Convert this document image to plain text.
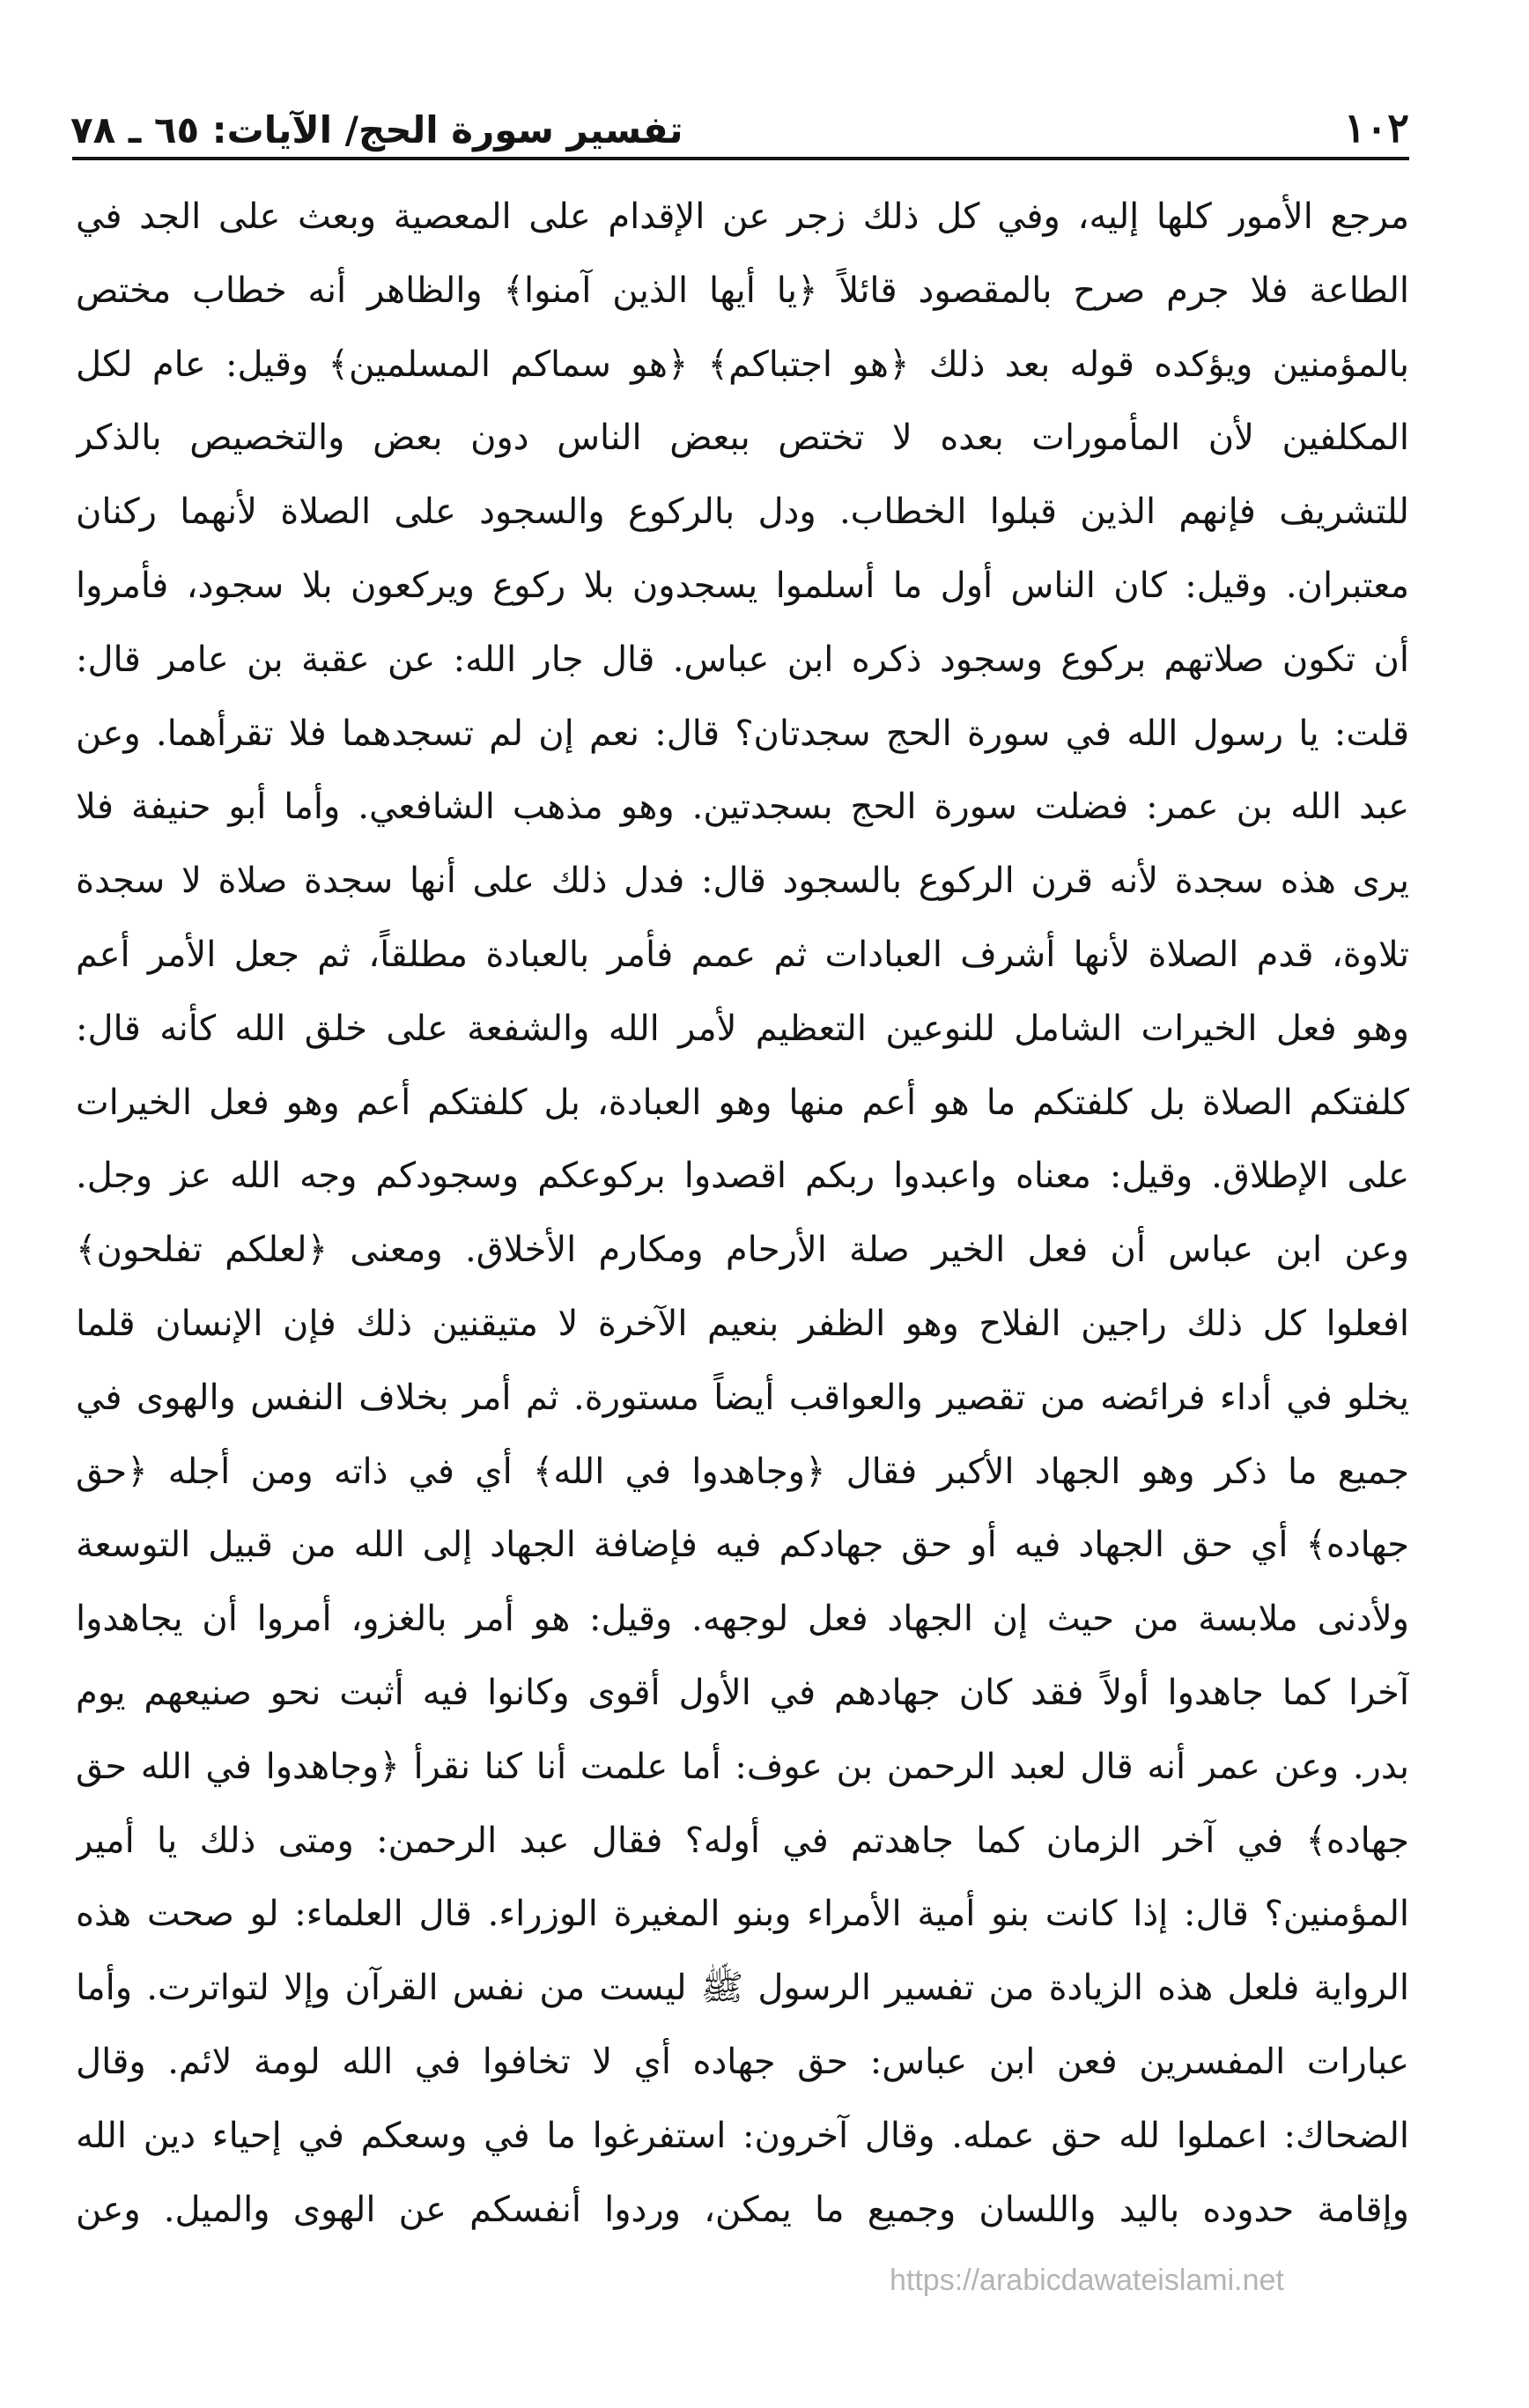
١٠٢
تفسير سورة الحج/ الآيات: ٦٥ ـ ٧٨
مرجع الأمور كلها إليه، وفي كل ذلك زجر عن الإقدام على المعصية وبعث على الجد في
الطاعة فلا جرم صرح بالمقصود قائلاً ﴿يا أيها الذين آمنوا﴾ والظاهر أنه خطاب مختص
بالمؤمنين ويؤكده قوله بعد ذلك ﴿هو اجتباكم﴾ ﴿هو سماكم المسلمين﴾ وقيل: عام لكل
المكلفين لأن المأمورات بعده لا تختص ببعض الناس دون بعض والتخصيص بالذكر
للتشريف فإنهم الذين قبلوا الخطاب. ودل بالركوع والسجود على الصلاة لأنهما ركنان
معتبران. وقيل: كان الناس أول ما أسلموا يسجدون بلا ركوع ويركعون بلا سجود، فأمروا
أن تكون صلاتهم بركوع وسجود ذكره ابن عباس. قال جار الله: عن عقبة بن عامر قال:
قلت: يا رسول الله في سورة الحج سجدتان؟ قال: نعم إن لم تسجدهما فلا تقرأهما. وعن
عبد الله بن عمر: فضلت سورة الحج بسجدتين. وهو مذهب الشافعي. وأما أبو حنيفة فلا
يرى هذه سجدة لأنه قرن الركوع بالسجود قال: فدل ذلك على أنها سجدة صلاة لا سجدة
تلاوة، قدم الصلاة لأنها أشرف العبادات ثم عمم فأمر بالعبادة مطلقاً، ثم جعل الأمر أعم
وهو فعل الخيرات الشامل للنوعين التعظيم لأمر الله والشفعة على خلق الله كأنه قال:
كلفتكم الصلاة بل كلفتكم ما هو أعم منها وهو العبادة، بل كلفتكم أعم وهو فعل الخيرات
على الإطلاق. وقيل: معناه واعبدوا ربكم اقصدوا بركوعكم وسجودكم وجه الله عز وجل.
وعن ابن عباس أن فعل الخير صلة الأرحام ومكارم الأخلاق. ومعنى ﴿لعلكم تفلحون﴾
افعلوا كل ذلك راجين الفلاح وهو الظفر بنعيم الآخرة لا متيقنين ذلك فإن الإنسان قلما
يخلو في أداء فرائضه من تقصير والعواقب أيضاً مستورة. ثم أمر بخلاف النفس والهوى في
جميع ما ذكر وهو الجهاد الأكبر فقال ﴿وجاهدوا في الله﴾ أي في ذاته ومن أجله ﴿حق
جهاده﴾ أي حق الجهاد فيه أو حق جهادكم فيه فإضافة الجهاد إلى الله من قبيل التوسعة
ولأدنى ملابسة من حيث إن الجهاد فعل لوجهه. وقيل: هو أمر بالغزو، أمروا أن يجاهدوا
آخرا كما جاهدوا أولاً فقد كان جهادهم في الأول أقوى وكانوا فيه أثبت نحو صنيعهم يوم
بدر. وعن عمر أنه قال لعبد الرحمن بن عوف: أما علمت أنا كنا نقرأ ﴿وجاهدوا في الله حق
جهاده﴾ في آخر الزمان كما جاهدتم في أوله؟ فقال عبد الرحمن: ومتى ذلك يا أمير
المؤمنين؟ قال: إذا كانت بنو أمية الأمراء وبنو المغيرة الوزراء. قال العلماء: لو صحت هذه
الرواية فلعل هذه الزيادة من تفسير الرسول ﷺ ليست من نفس القرآن وإلا لتواترت. وأما
عبارات المفسرين فعن ابن عباس: حق جهاده أي لا تخافوا في الله لومة لائم. وقال
الضحاك: اعملوا لله حق عمله. وقال آخرون: استفرغوا ما في وسعكم في إحياء دين الله
وإقامة حدوده باليد واللسان وجميع ما يمكن، وردوا أنفسكم عن الهوى والميل. وعن
https://arabicdawateislami.net
